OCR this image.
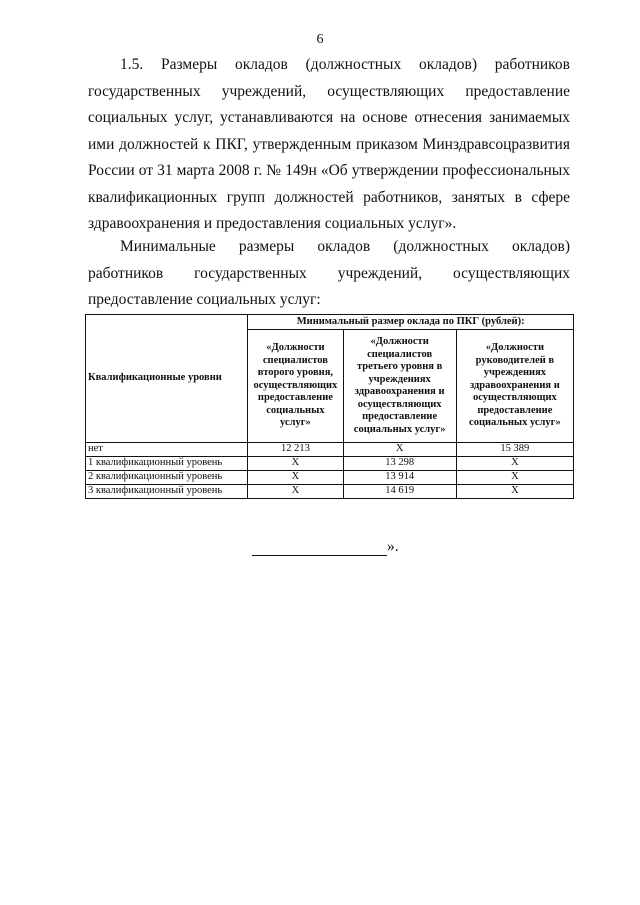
6

1.5. Размеры окладов (должностных окладов) работников государственных учреждений, осуществляющих предоставление социальных услуг, устанавливаются на основе отнесения занимаемых ими должностей к ПКГ, утвержденным приказом Минздравсоцразвития России от 31 марта 2008 г. № 149н «Об утверждении профессиональных квалификационных групп должностей работников, занятых в сфере здравоохранения и предоставления социальных услуг».

Минимальные размеры окладов (должностных окладов) работников государственных учреждений, осуществляющих предоставление социальных услуг:

Квалификационные уровни	Минимальный размер оклада по ПКГ (рублей):		
	«Должности специалистов второго уровня, осуществляющих предоставление социальных услуг»	«Должности специалистов третьего уровня в учреждениях здравоохранения и осуществляющих предоставление социальных услуг»	«Должности руководителей в учреждениях здравоохранения и осуществляющих предоставление социальных услуг»
нет	12 213	Х	15 389
1 квалификационный уровень	Х	13 298	Х
2 квалификационный уровень	Х	13 914	Х
3 квалификационный уровень	Х	14 619	Х
».
